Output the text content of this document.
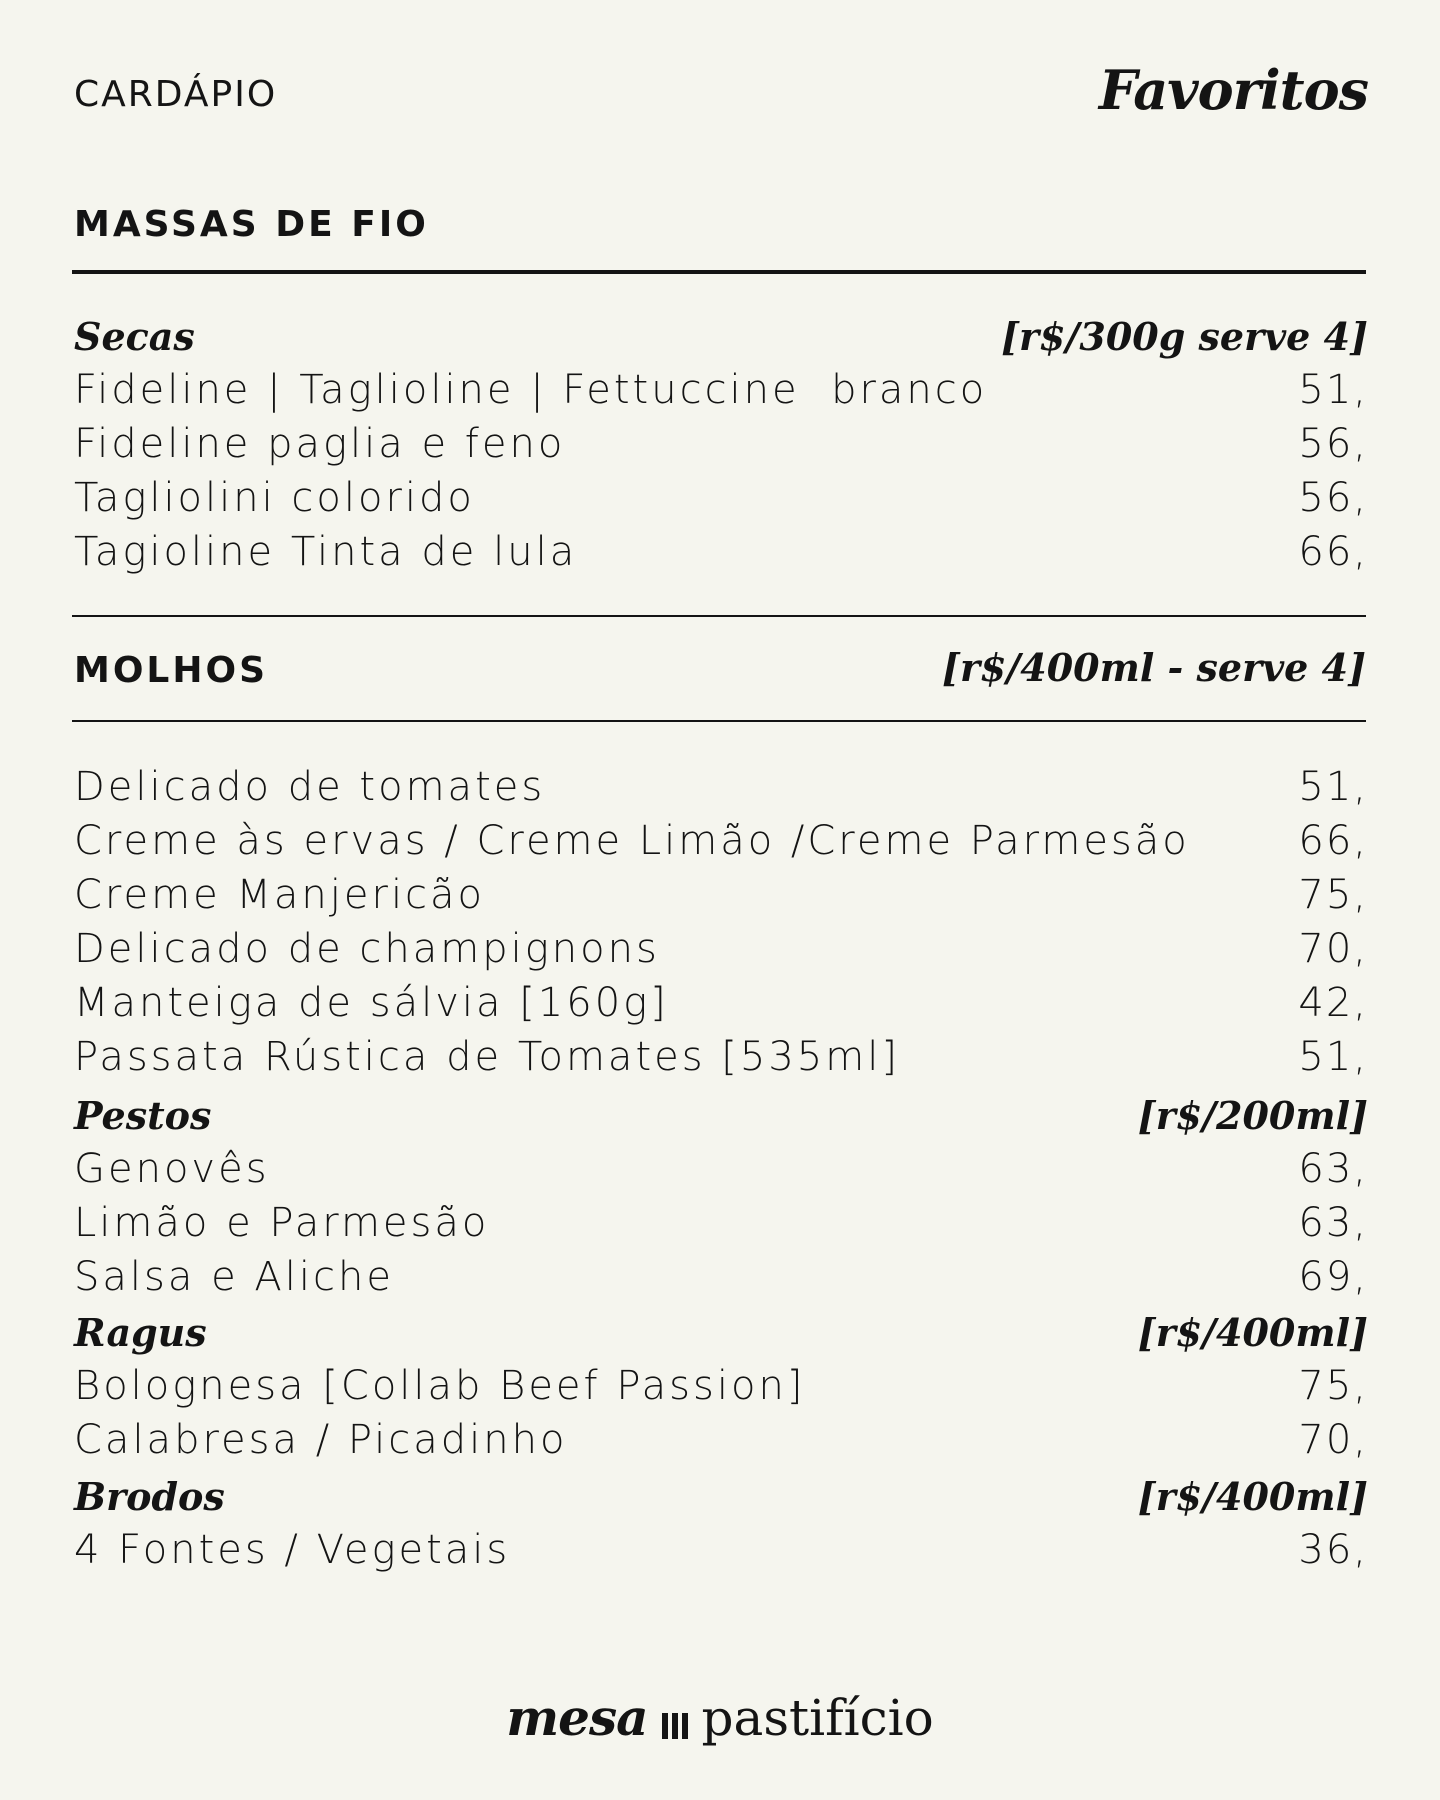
CARDÁPIO	Favoritos
MASSAS DE FIO
Secas	[r$/300g serve 4]
Fideline | Taglioline | Fettuccine  branco	51,
Fideline paglia e feno	56,
Tagliolini colorido	56,
Tagioline Tinta de lula	66,
MOLHOS	[r$/400ml - serve 4]
Delicado de tomates	51,
Creme às ervas / Creme Limão /Creme Parmesão	66,
Creme Manjericão	75,
Delicado de champignons	70,
Manteiga de sálvia [160g]	42,
Passata Rústica de Tomates [535ml]	51,
Pestos	[r$/200ml]
Genovês	63,
Limão e Parmesão	63,
Salsa e Aliche	69,
Ragus	[r$/400ml]
Bolognesa [Collab Beef Passion]	75,
Calabresa / Picadinho	70,
Brodos	[r$/400ml]
4 Fontes / Vegetais	36,
mesa pastifício
